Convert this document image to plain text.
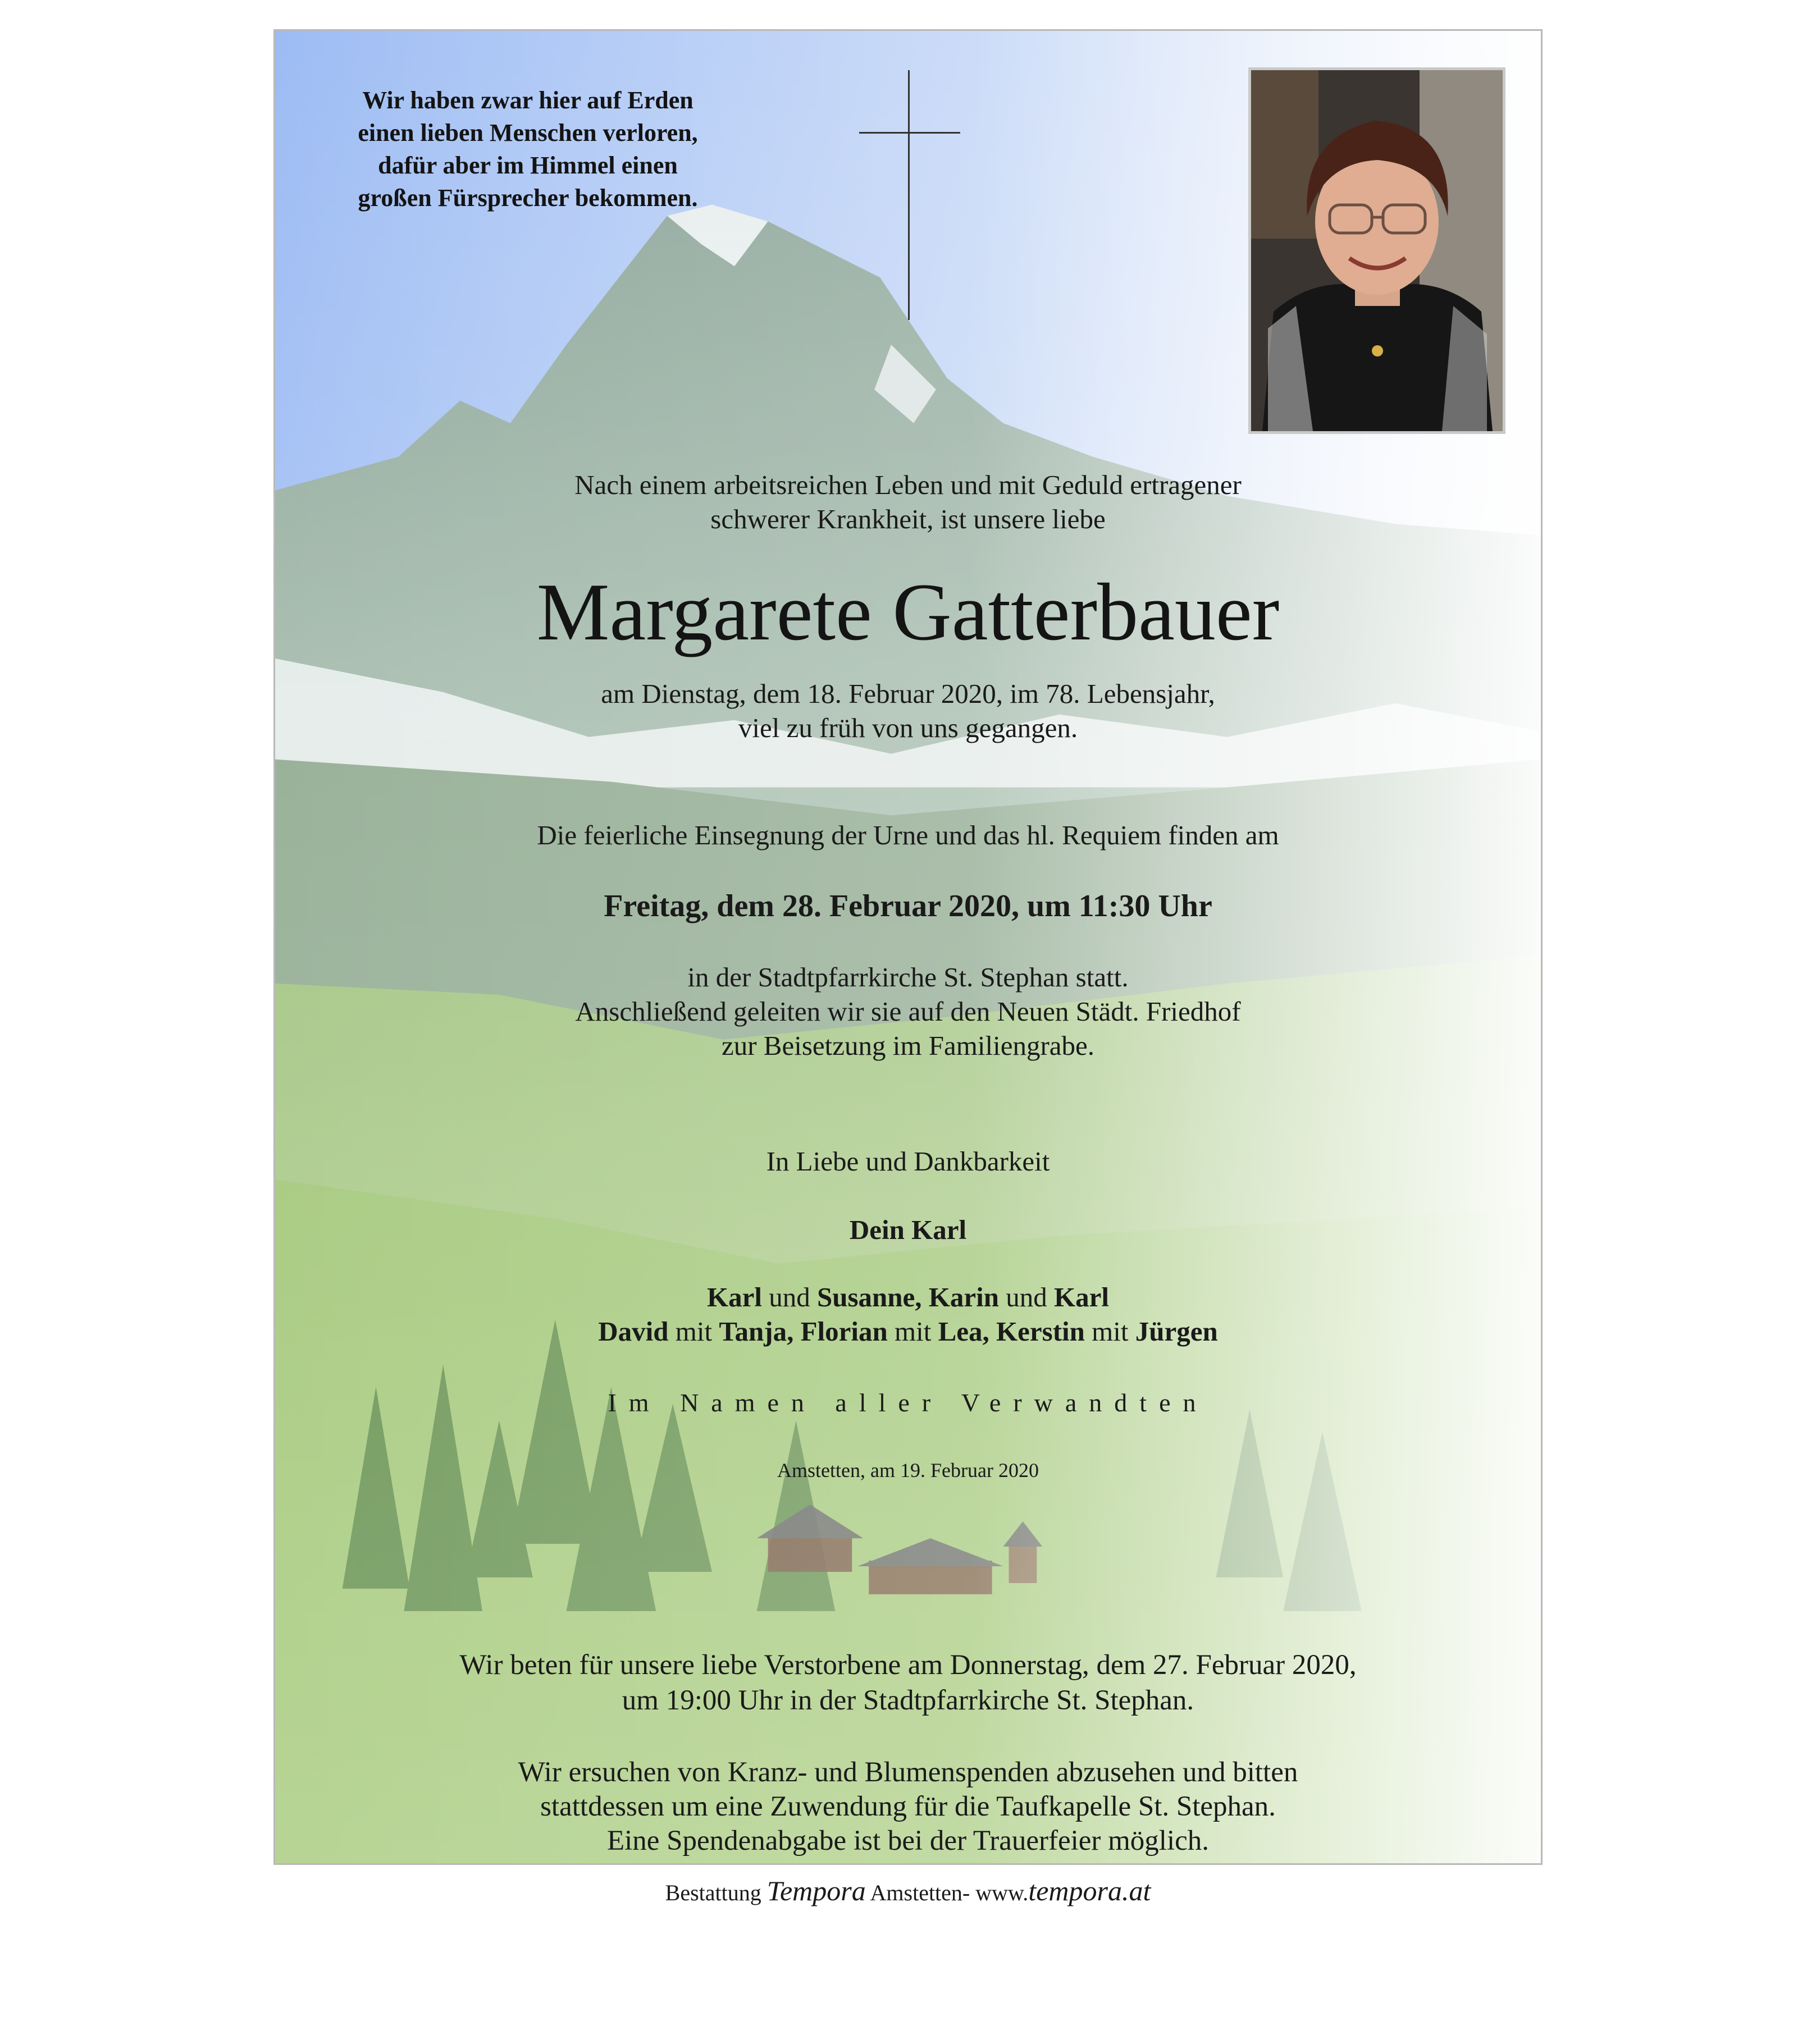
Wir haben zwar hier auf Erden
einen lieben Menschen verloren,
dafür aber im Himmel einen
großen Fürsprecher bekommen.

Nach einem arbeitsreichen Leben und mit Geduld ertragener

schwerer Krankheit, ist unsere liebe

Margarete Gatterbauer

am Dienstag, dem 18. Februar 2020, im 78. Lebensjahr,

viel zu früh von uns gegangen.

Die feierliche Einsegnung der Urne und das hl. Requiem finden am

Freitag, dem 28. Februar 2020, um 11:30 Uhr

in der Stadtpfarrkirche St. Stephan statt.

Anschließend geleiten wir sie auf den Neuen Städt. Friedhof

zur Beisetzung im Familiengrabe.

In Liebe und Dankbarkeit

Dein Karl

Karl und Susanne, Karin und Karl

David mit Tanja, Florian mit Lea, Kerstin mit Jürgen

Im Namen aller Verwandten
Amstetten, am 19. Februar 2020

Wir beten für unsere liebe Verstorbene am Donnerstag, dem 27. Februar 2020,

um 19:00 Uhr in der Stadtpfarrkirche St. Stephan.

Wir ersuchen von Kranz- und Blumenspenden abzusehen und bitten

stattdessen um eine Zuwendung für die Taufkapelle St. Stephan.

Eine Spendenabgabe ist bei der Trauerfeier möglich.

Bestattung Tempora Amstetten- www.tempora.at
